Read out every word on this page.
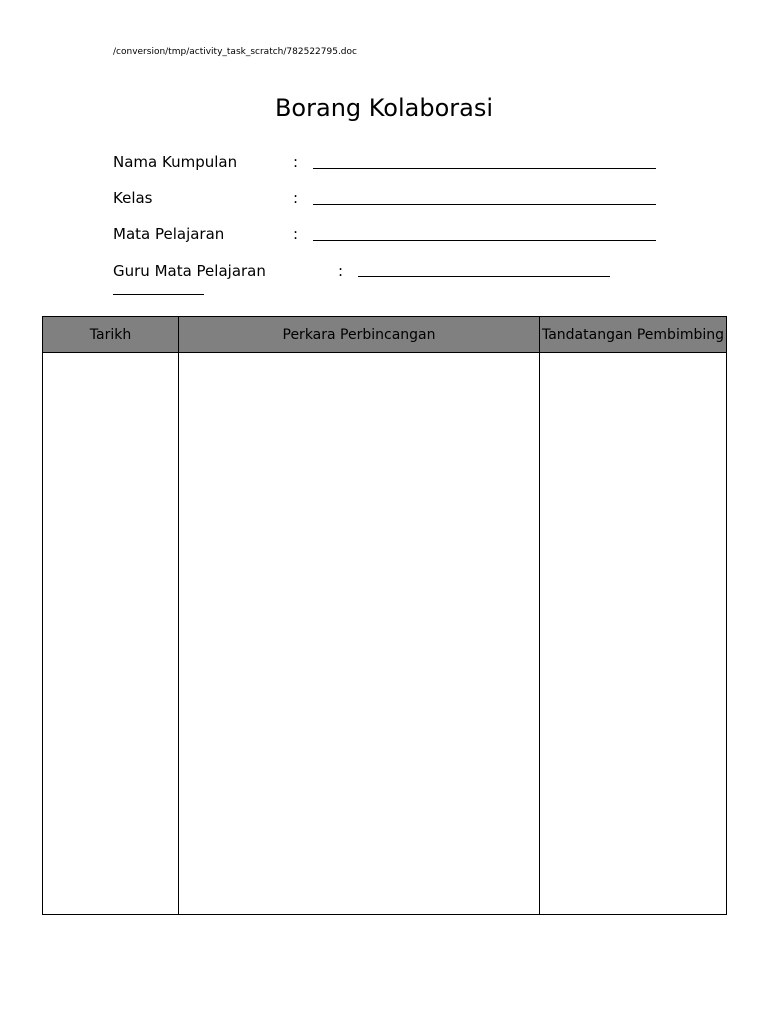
/conversion/tmp/activity_task_scratch/782522795.doc
Borang Kolaborasi
Nama Kumpulan	:
Kelas	:
Mata Pelajaran	:
Guru Mata Pelajaran	:
Tarikh	Perkara Perbincangan	Tandatangan Pembimbing
